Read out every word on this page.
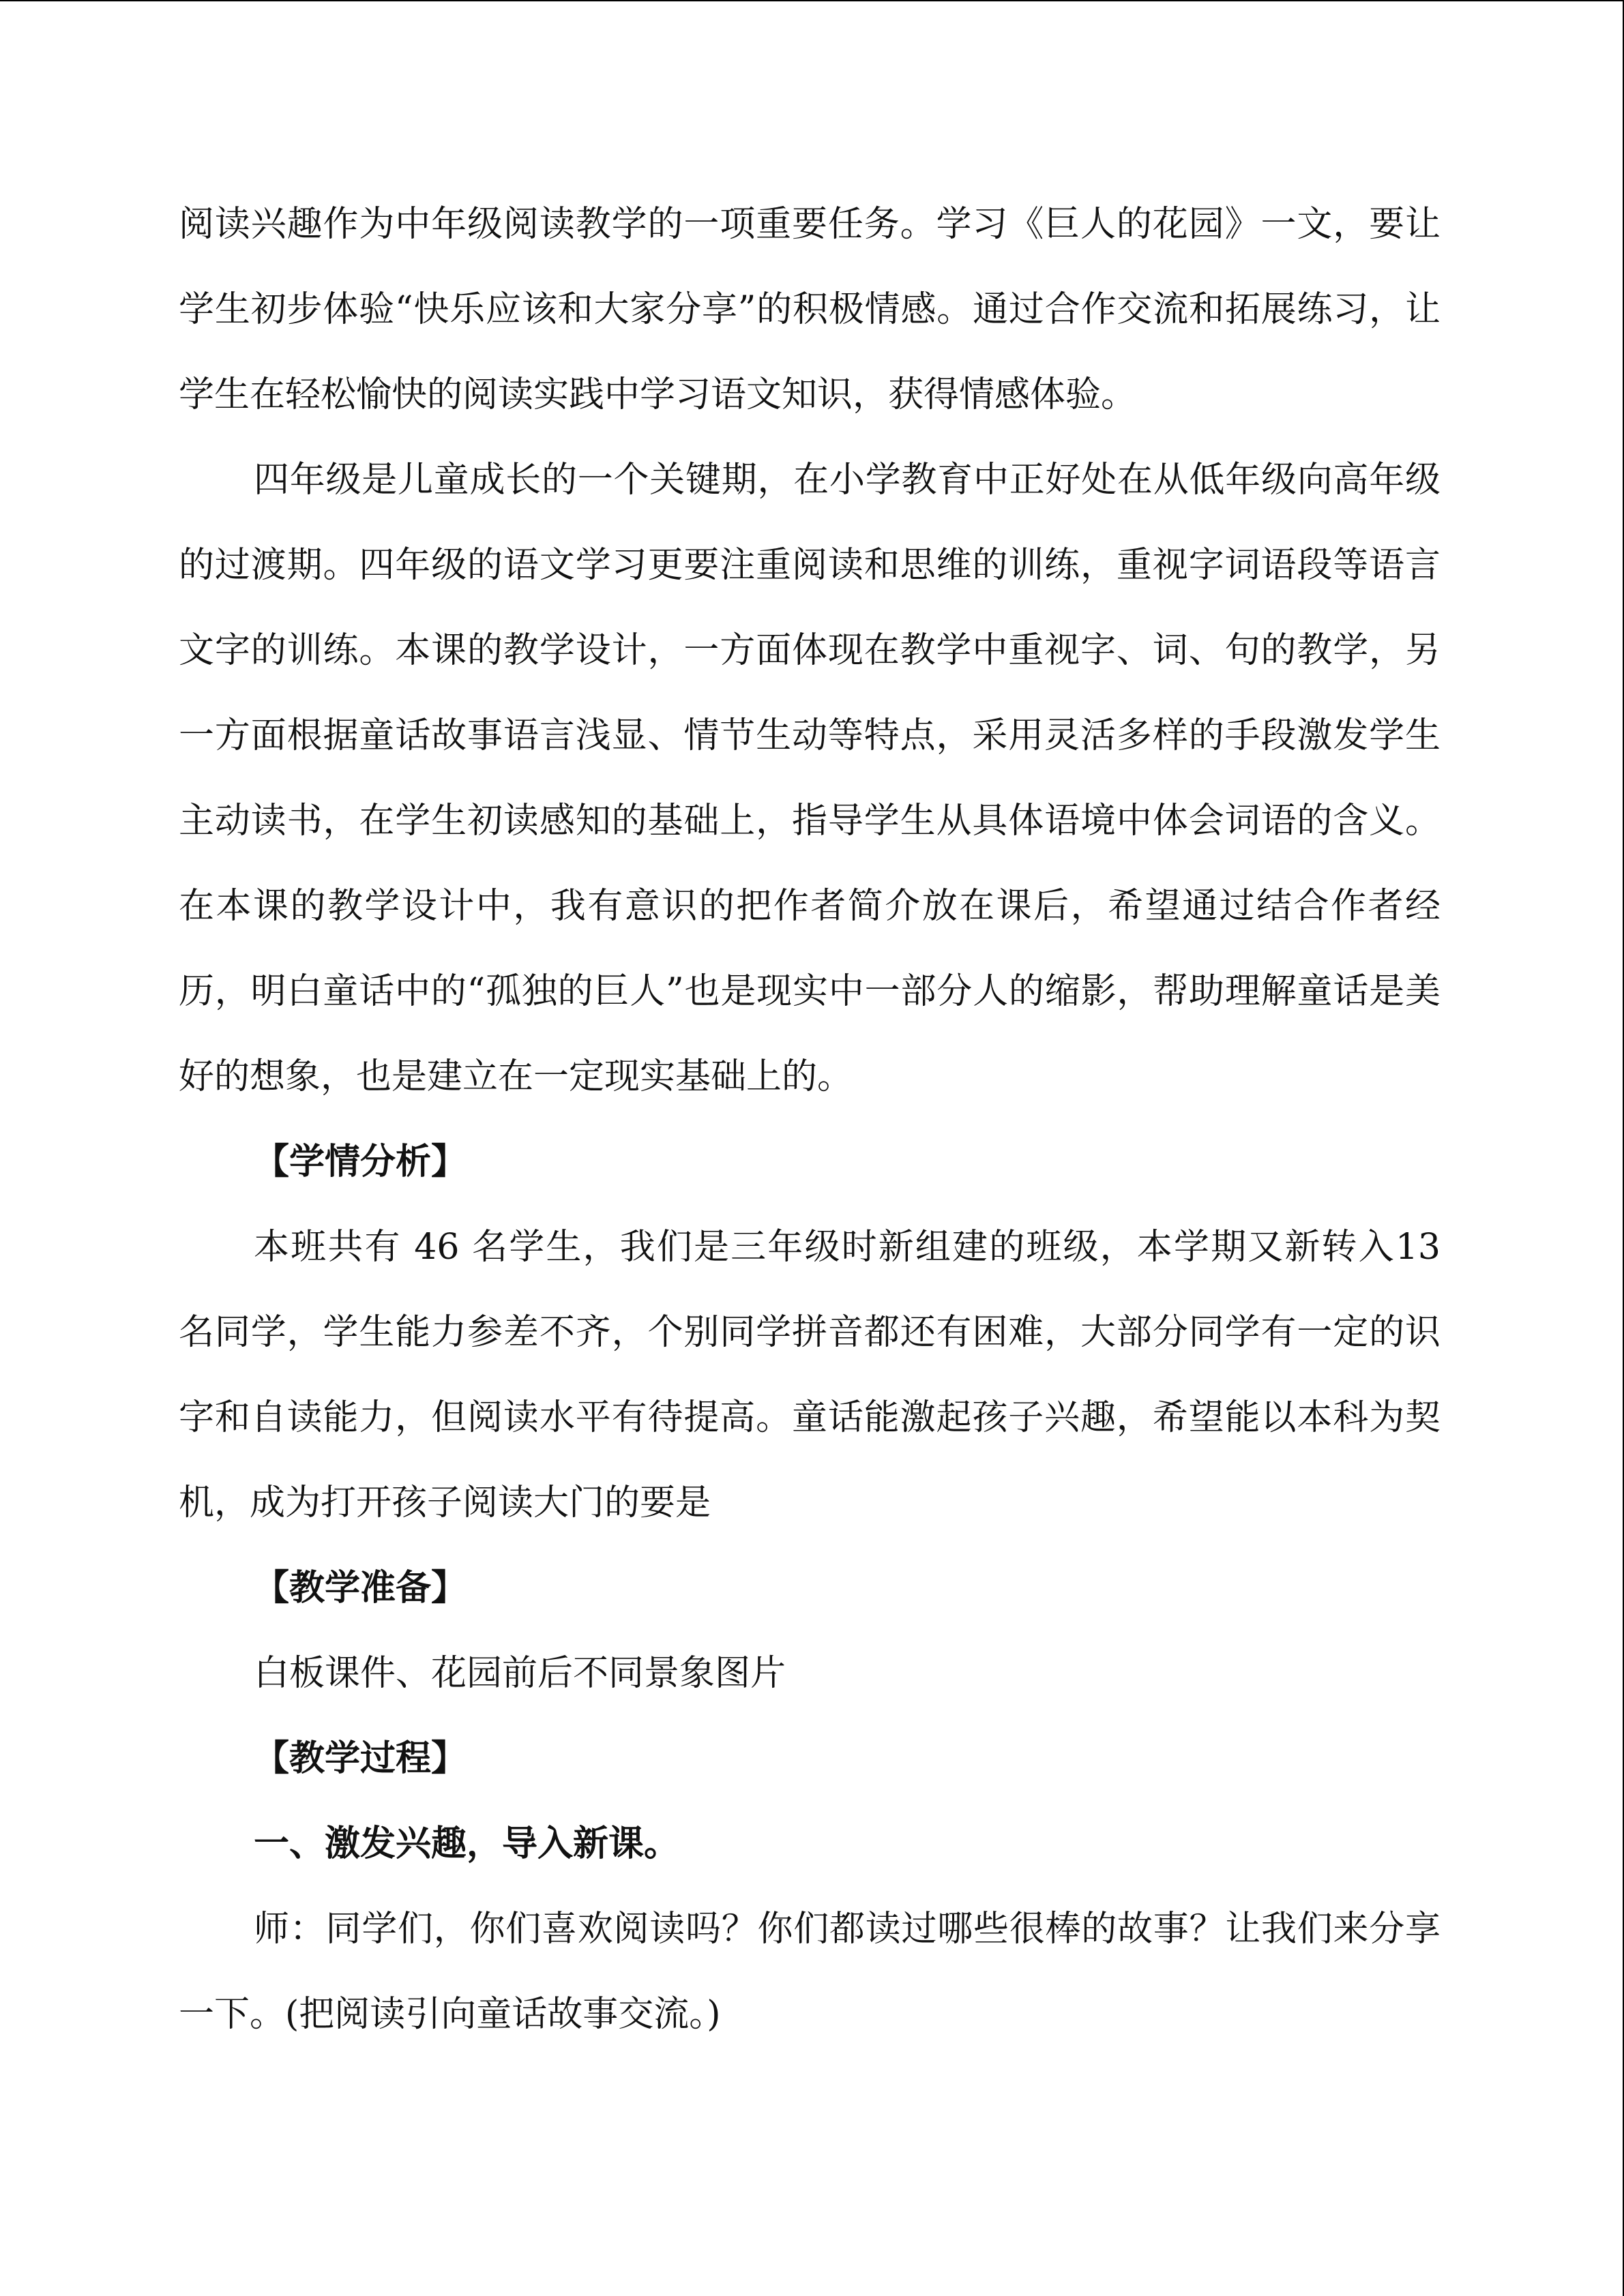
阅读兴趣作为中年级阅读教学的一项重要任务。学习《巨人的花园》一文，要让学生初步体验“快乐应该和大家分享”的积极情感。通过合作交流和拓展练习，让学生在轻松愉快的阅读实践中学习语文知识，获得情感体验。

四年级是儿童成长的一个关键期，在小学教育中正好处在从低年级向高年级的过渡期。四年级的语文学习更要注重阅读和思维的训练，重视字词语段等语言文字的训练。本课的教学设计，一方面体现在教学中重视字、词、句的教学，另一方面根据童话故事语言浅显、情节生动等特点，采用灵活多样的手段激发学生主动读书，在学生初读感知的基础上，指导学生从具体语境中体会词语的含义。在本课的教学设计中，我有意识的把作者简介放在课后，希望通过结合作者经历，明白童话中的“孤独的巨人”也是现实中一部分人的缩影，帮助理解童话是美好的想象，也是建立在一定现实基础上的。

【学情分析】

本班共有 46 名学生，我们是三年级时新组建的班级，本学期又新转入13 名同学，学生能力参差不齐，个别同学拼音都还有困难，大部分同学有一定的识字和自读能力，但阅读水平有待提高。童话能激起孩子兴趣，希望能以本科为契机，成为打开孩子阅读大门的要是

【教学准备】

白板课件、花园前后不同景象图片

【教学过程】

一、激发兴趣，导入新课。

师：同学们，你们喜欢阅读吗？你们都读过哪些很棒的故事？让我们来分享一下。(把阅读引向童话故事交流。)
